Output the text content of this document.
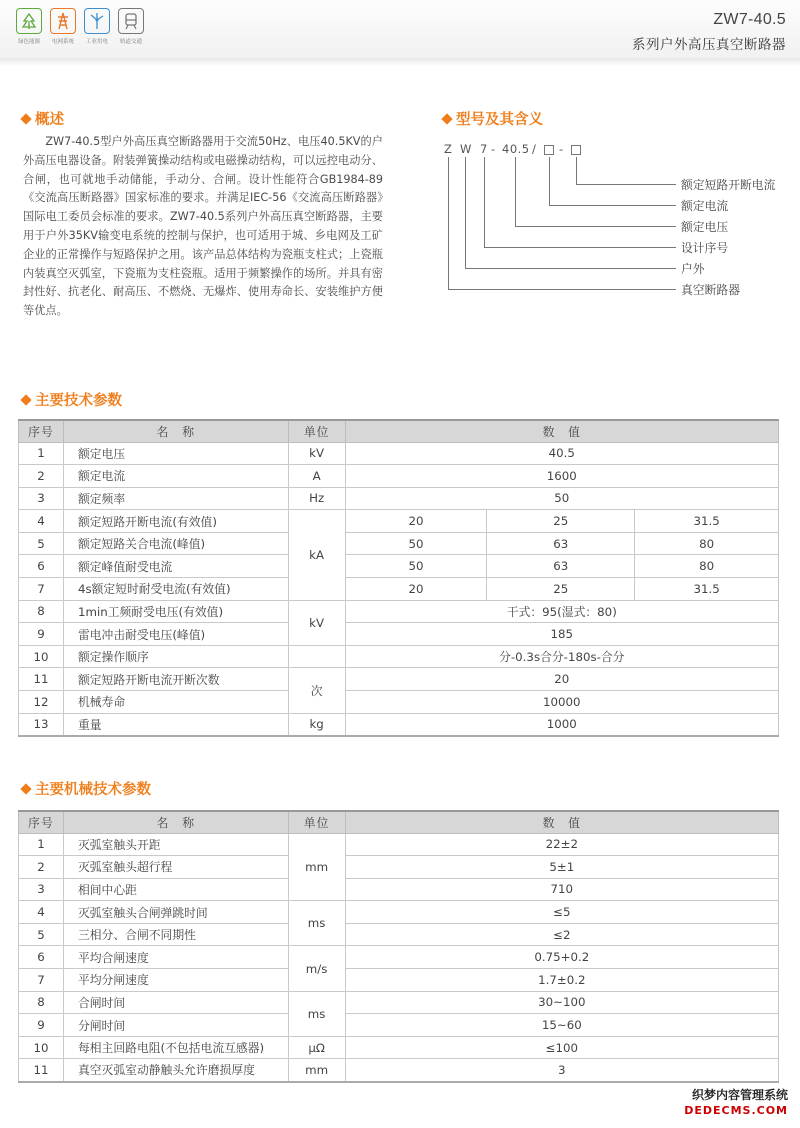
绿色能源 电网系统 工业用电 轨道交通
ZW7-40.5
系列户外高压真空断路器
概述

ZW7-40.5型户外高压真空断路器用于交流50Hz、电压40.5KV的户外高压电器设备。附装弹簧操动结构或电磁操动结构，可以远控电动分、合闸，也可就地手动储能，手动分、合闸。设计性能符合GB1984-89《交流高压断路器》国家标准的要求。并满足IEC-56《交流高压断路器》国际电工委员会标准的要求。ZW7-40.5系列户外高压真空断路器，主要用于户外35KV输变电系统的控制与保护，也可适用于城、乡电网及工矿企业的正常操作与短路保护之用。该产品总体结构为瓷瓶支柱式；上瓷瓶内装真空灭弧室，下瓷瓶为支柱瓷瓶。适用于频繁操作的场所。并具有密封性好、抗老化、耐高压、不燃烧、无爆炸、使用寿命长、安装维护方便等优点。

型号及其含义
Z W 7 - 40.5 / -
额定短路开断电流
额定电流
额定电压
设计序号
户外
真空断路器
主要技术参数
序号	名　称	单位	数　值		
1	额定电压	kV	40.5		
2	额定电流	A	1600		
3	额定频率	Hz	50		
4	额定短路开断电流(有效值)	kA	20	25	31.5
5	额定短路关合电流(峰值)		50	63	80
6	额定峰值耐受电流		50	63	80
7	4s额定短时耐受电流(有效值)		20	25	31.5
8	1min工频耐受电压(有效值)	kV	干式：95(湿式：80)		
9	雷电冲击耐受电压(峰值)		185		
10	额定操作顺序		分-0.3s合分-180s-合分		
11	额定短路开断电流开断次数	次	20		
12	机械寿命		10000		
13	重量	kg	1000		
主要机械技术参数
序号	名　称	单位	数　值
1	灭弧室触头开距	mm	22±2
2	灭弧室触头超行程		5±1
3	相间中心距		710
4	灭弧室触头合闸弹跳时间	ms	≤5
5	三相分、合闸不同期性		≤2
6	平均合闸速度	m/s	0.75+0.2
7	平均分闸速度		1.7±0.2
8	合闸时间	ms	30~100
9	分闸时间		15~60
10	每相主回路电阻(不包括电流互感器)	μΩ	≤100
11	真空灭弧室动静触头允许磨损厚度	mm	3
织梦内容管理系统
DEDECMS.COM
